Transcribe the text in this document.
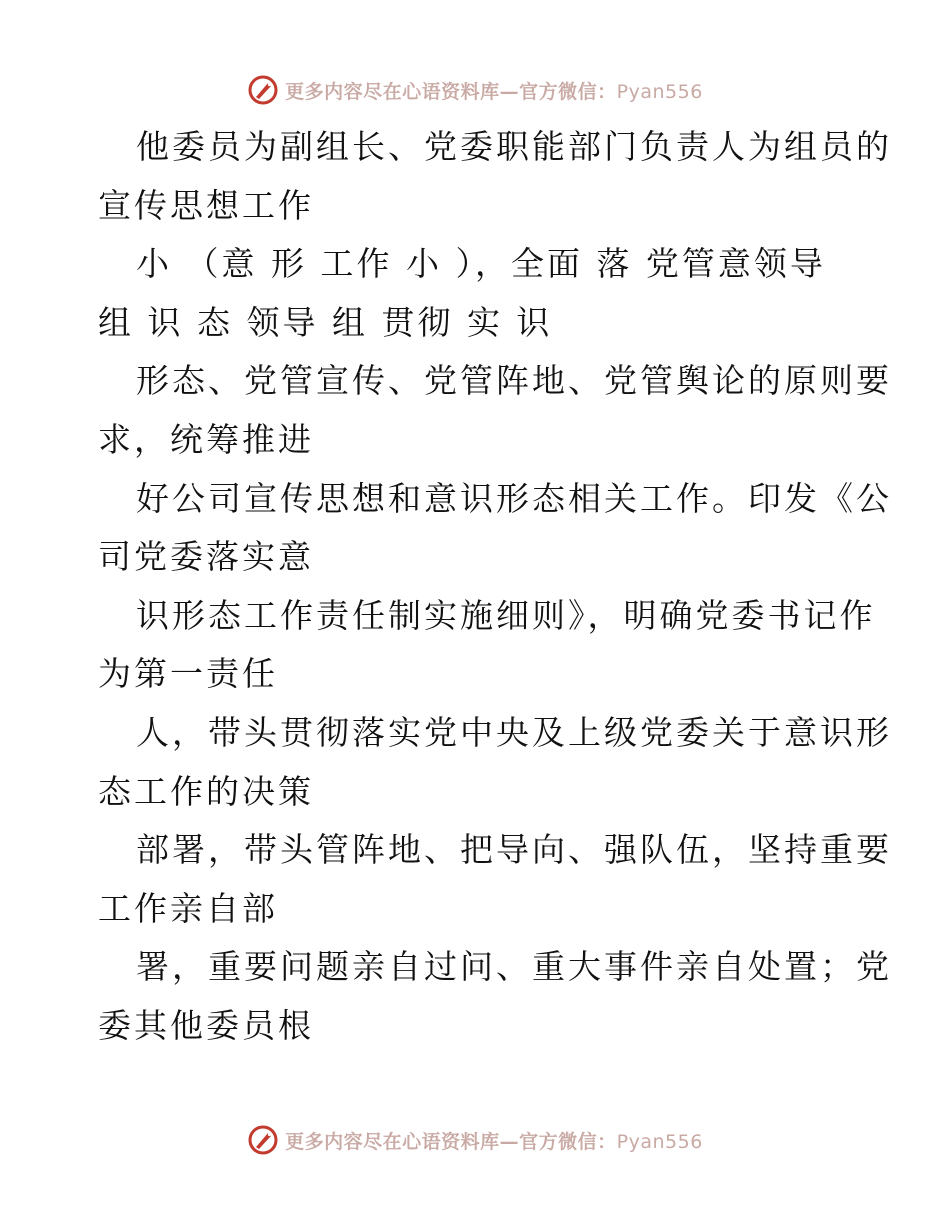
更多内容尽在心语资料库—官方微信：Pyan556
他委员为副组长、党委职能部门负责人为组员的
宣传思想工作
小 （意 形 工作 小 ），全面 落 党管意领导
组 识 态 领导 组 贯彻 实 识
形态、党管宣传、党管阵地、党管舆论的原则要
求，统筹推进
好公司宣传思想和意识形态相关工作。印发《公
司党委落实意
识形态工作责任制实施细则》，明确党委书记作
为第一责任
人，带头贯彻落实党中央及上级党委关于意识形
态工作的决策
部署，带头管阵地、把导向、强队伍，坚持重要
工作亲自部
署，重要问题亲自过问、重大事件亲自处置；党
委其他委员根
更多内容尽在心语资料库—官方微信：Pyan556
